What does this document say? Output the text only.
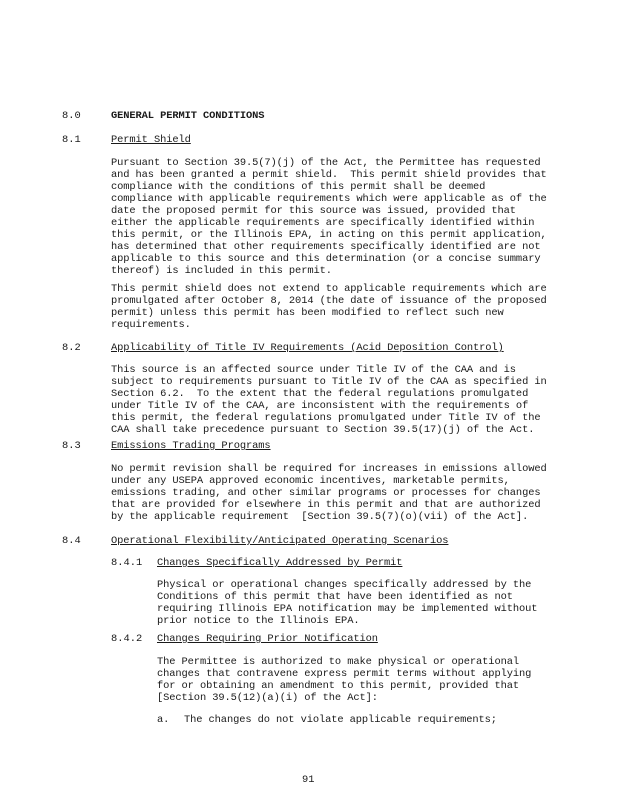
8.0	GENERAL PERMIT CONDITIONS
8.1	Permit Shield
Pursuant to Section 39.5(7)(j) of the Act, the Permittee has requested
and has been granted a permit shield.  This permit shield provides that
compliance with the conditions of this permit shall be deemed
compliance with applicable requirements which were applicable as of the
date the proposed permit for this source was issued, provided that
either the applicable requirements are specifically identified within
this permit, or the Illinois EPA, in acting on this permit application,
has determined that other requirements specifically identified are not
applicable to this source and this determination (or a concise summary
thereof) is included in this permit.
This permit shield does not extend to applicable requirements which are
promulgated after October 8, 2014 (the date of issuance of the proposed
permit) unless this permit has been modified to reflect such new
requirements.
8.2	Applicability of Title IV Requirements (Acid Deposition Control)
This source is an affected source under Title IV of the CAA and is
subject to requirements pursuant to Title IV of the CAA as specified in
Section 6.2.  To the extent that the federal regulations promulgated
under Title IV of the CAA, are inconsistent with the requirements of
this permit, the federal regulations promulgated under Title IV of the
CAA shall take precedence pursuant to Section 39.5(17)(j) of the Act.
8.3	Emissions Trading Programs
No permit revision shall be required for increases in emissions allowed
under any USEPA approved economic incentives, marketable permits,
emissions trading, and other similar programs or processes for changes
that are provided for elsewhere in this permit and that are authorized
by the applicable requirement  [Section 39.5(7)(o)(vii) of the Act].
8.4	Operational Flexibility/Anticipated Operating Scenarios
8.4.1 Changes Specifically Addressed by Permit
Physical or operational changes specifically addressed by the
Conditions of this permit that have been identified as not
requiring Illinois EPA notification may be implemented without
prior notice to the Illinois EPA.
8.4.2 Changes Requiring Prior Notification
The Permittee is authorized to make physical or operational
changes that contravene express permit terms without applying
for or obtaining an amendment to this permit, provided that
[Section 39.5(12)(a)(i) of the Act]:
a. The changes do not violate applicable requirements;
91
